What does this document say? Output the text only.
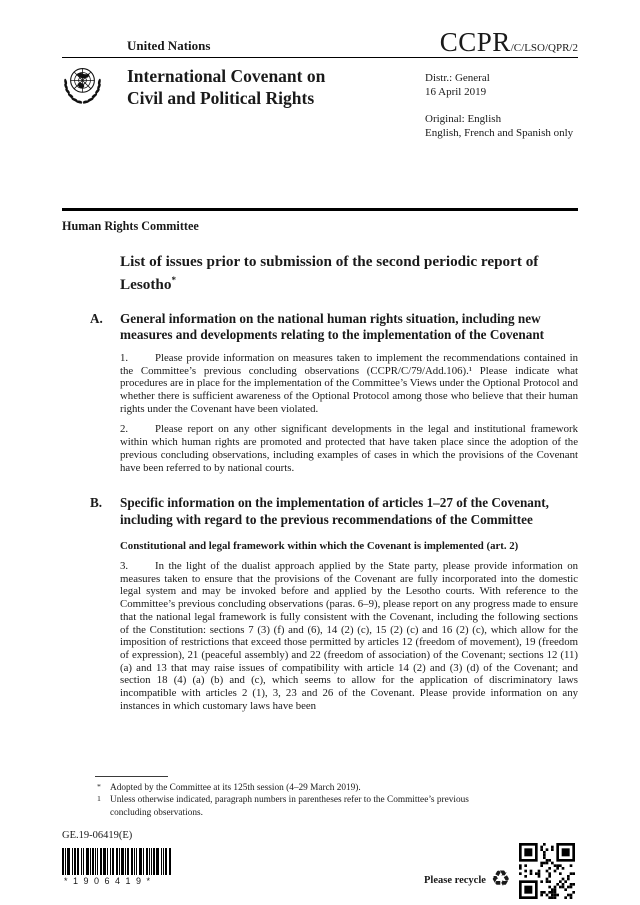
United Nations	CCPR /C/LSO/QPR/2
International Covenant on
Civil and Political Rights
Distr.: General
16 April 2019
Original: English
English, French and Spanish only
Human Rights Committee
List of issues prior to submission of the second periodic report of Lesotho*
A.	General information on the national human rights situation, including new measures and developments relating to the implementation of the Covenant
1. Please provide information on measures taken to implement the recommendations contained in the Committee’s previous concluding observations (CCPR/C/79/Add.106).¹ Please indicate what procedures are in place for the implementation of the Committee’s Views under the Optional Protocol and whether there is sufficient awareness of the Optional Protocol among those who believe that their human rights under the Covenant have been violated.
2. Please report on any other significant developments in the legal and institutional framework within which human rights are promoted and protected that have taken place since the adoption of the previous concluding observations, including examples of cases in which the provisions of the Covenant have been referred to by national courts.
B.	Specific information on the implementation of articles 1–27 of the Covenant, including with regard to the previous recommendations of the Committee
Constitutional and legal framework within which the Covenant is implemented (art. 2)
3. In the light of the dualist approach applied by the State party, please provide information on measures taken to ensure that the provisions of the Covenant are fully incorporated into the domestic legal system and may be invoked before and applied by the Lesotho courts. With reference to the Committee’s previous concluding observations (paras. 6–9), please report on any progress made to ensure that the national legal framework is fully consistent with the Covenant, including the following sections of the Constitution: sections 7 (3) (f) and (6), 14 (2) (c), 15 (2) (c) and 16 (2) (c), which allow for the imposition of restrictions that exceed those permitted by articles 12 (freedom of movement), 19 (freedom of expression), 21 (peaceful assembly) and 22 (freedom of association) of the Covenant; sections 12 (11) (a) and 13 that may raise issues of compatibility with article 14 (2) and (3) (d) of the Covenant; and section 18 (4) (a) (b) and (c), which seems to allow for the application of discriminatory laws incompatible with articles 2 (1), 3, 23 and 26 of the Covenant. Please provide information on any instances in which customary laws have been
* Adopted by the Committee at its 125th session (4–29 March 2019).
1 Unless otherwise indicated, paragraph numbers in parentheses refer to the Committee’s previous concluding observations.
GE.19-06419(E)
*1906419*	Please recycle ♻
